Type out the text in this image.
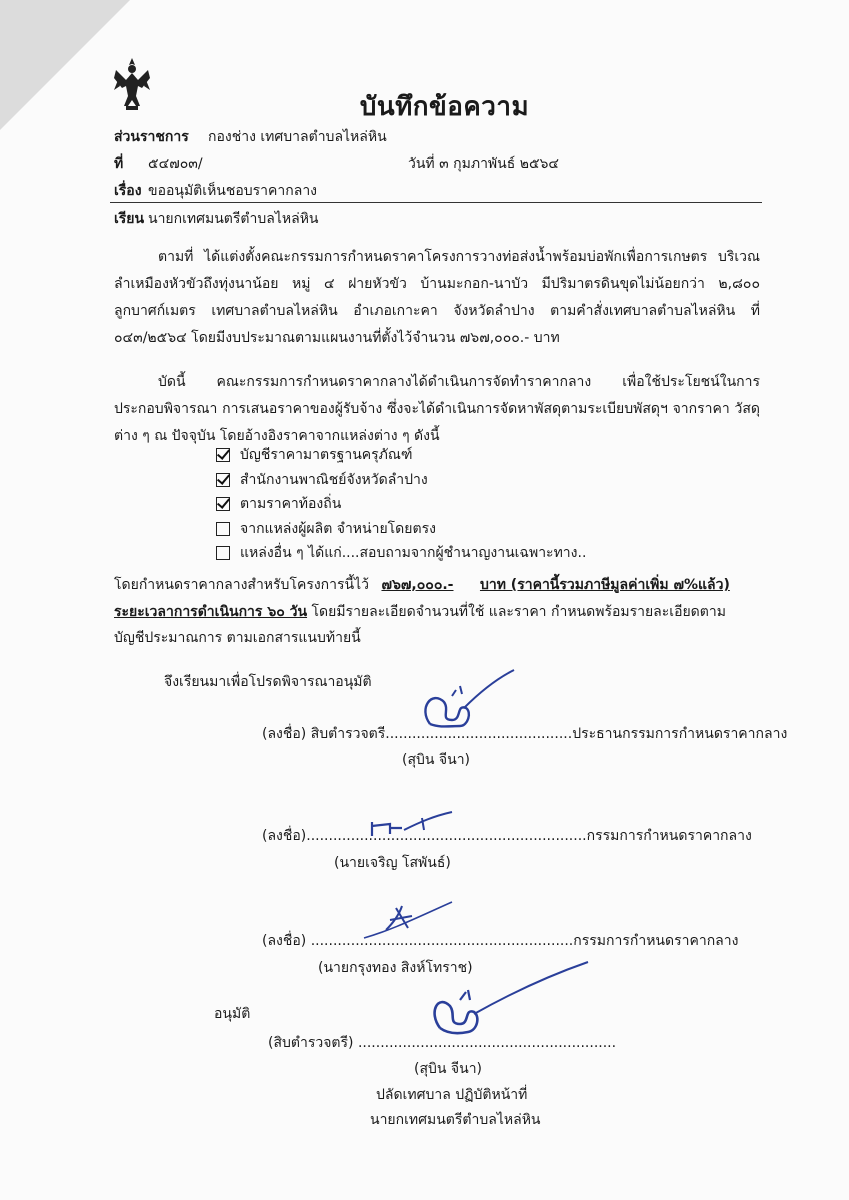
บันทึกข้อความ
ส่วนราชการ กองช่าง เทศบาลตำบลไหล่หิน
ที่ ๕๔๗๐๓/	วันที่ ๓ กุมภาพันธ์ ๒๕๖๔
เรื่อง ขออนุมัติเห็นชอบราคากลาง
เรียน นายกเทศมนตรีตำบลไหล่หิน
ตามที่ ได้แต่งตั้งคณะกรรมการกำหนดราคาโครงการวางท่อส่งน้ำพร้อมบ่อพักเพื่อการเกษตร บริเวณลำเหมืองหัวขัวถึงทุ่งนาน้อย หมู่ ๔ ฝายหัวขัว บ้านมะกอก-นาบัว มีปริมาตรดินขุดไม่น้อยกว่า ๒,๘๐๐ ลูกบาศก์เมตร เทศบาลตำบลไหล่หิน อำเภอเกาะคา จังหวัดลำปาง ตามคำสั่งเทศบาลตำบลไหล่หิน ที่ ๐๔๓/๒๕๖๔ โดยมีงบประมาณตามแผนงานที่ตั้งไว้จำนวน ๗๖๗,๐๐๐.- บาท
บัดนี้ คณะกรรมการกำหนดราคากลางได้ดำเนินการจัดทำราคากลาง เพื่อใช้ประโยชน์ในการ ประกอบพิจารณา การเสนอราคาของผู้รับจ้าง ซึ่งจะได้ดำเนินการจัดหาพัสดุตามระเบียบพัสดุฯ จากราคา วัสดุต่าง ๆ ณ ปัจจุบัน โดยอ้างอิงราคาจากแหล่งต่าง ๆ ดังนี้
บัญชีราคามาตรฐานครุภัณฑ์
สำนักงานพาณิชย์จังหวัดลำปาง
ตามราคาท้องถิ่น
จากแหล่งผู้ผลิต จำหน่ายโดยตรง
แหล่งอื่น ๆ ได้แก่....สอบถามจากผู้ชำนาญงานเฉพาะทาง..
โดยกำหนดราคากลางสำหรับโครงการนี้ไว้ ๗๖๗,๐๐๐.- บาท (ราคานี้รวมภาษีมูลค่าเพิ่ม ๗%แล้ว)
ระยะเวลาการดำเนินการ ๖๐ วัน โดยมีรายละเอียดจำนวนที่ใช้ และราคา กำหนดพร้อมรายละเอียดตาม
บัญชีประมาณการ ตามเอกสารแนบท้ายนี้
จึงเรียนมาเพื่อโปรดพิจารณาอนุมัติ
(ลงชื่อ) สิบตำรวจตรี..........................................ประธานกรรมการกำหนดราคากลาง
(สุบิน จีนา)
(ลงชื่อ)...............................................................กรรมการกำหนดราคากลาง
(นายเจริญ โสพันธ์)
(ลงชื่อ) ...........................................................กรรมการกำหนดราคากลาง
(นายกรุงทอง สิงห์โทราช)
อนุมัติ
(สิบตำรวจตรี) ..........................................................
(สุบิน จีนา)
ปลัดเทศบาล ปฏิบัติหน้าที่
นายกเทศมนตรีตำบลไหล่หิน
